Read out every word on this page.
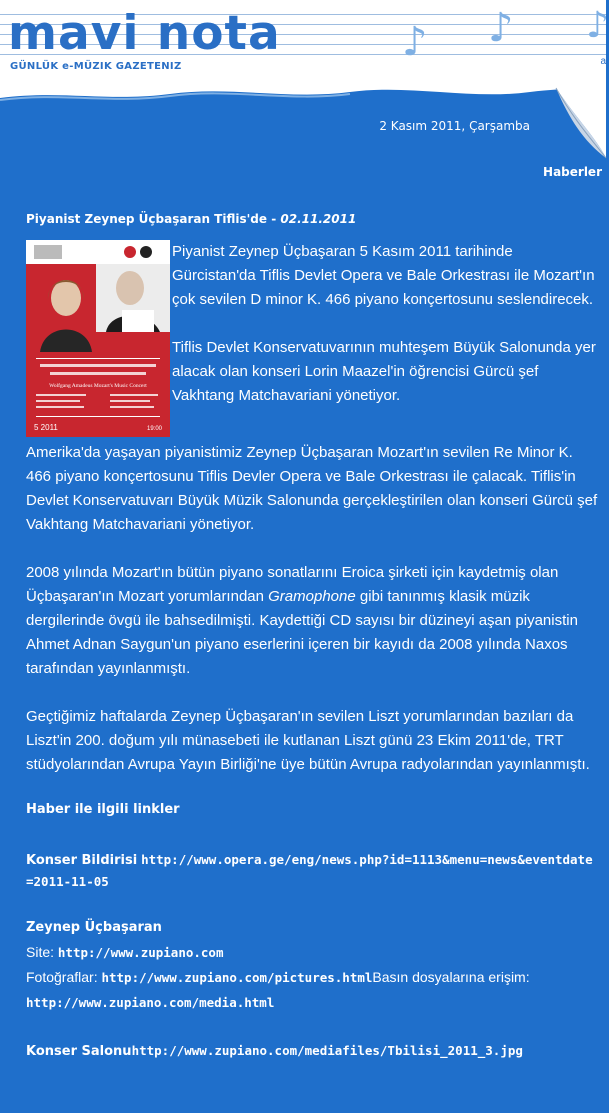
mavi nota
GÜNLÜK e-MÜZIK GAZETENIZ
♪ ♪ ♪
a
2 Kasım 2011, Çarşamba
Haberler
Piyanist Zeynep Üçbaşaran Tiflis'de - 02.11.2011
Wolfgang Amadeus Mozart's Music Concert
5 2011	19:00

Piyanist Zeynep Üçbaşaran 5 Kasım 2011 tarihinde Gürcistan'da Tiflis Devlet Opera ve Bale Orkestrası ile Mozart'ın çok sevilen D minor K. 466 piyano konçertosunu seslendirecek.

Tiflis Devlet Konservatuvarının muhteşem Büyük Salonunda yer alacak olan konseri Lorin Maazel'in öğrencisi Gürcü şef Vakhtang Matchavariani yönetiyor.

Amerika'da yaşayan piyanistimiz Zeynep Üçbaşaran Mozart'ın sevilen Re Minor K. 466 piyano konçertosunu Tiflis Devler Opera ve Bale Orkestrası ile çalacak. Tiflis'in Devlet Konservatuvarı Büyük Müzik Salonunda gerçekleştirilen olan konseri Gürcü şef Vakhtang Matchavariani yönetiyor.

2008 yılında Mozart'ın bütün piyano sonatlarını Eroica şirketi için kaydetmiş olan Üçbaşaran'ın Mozart yorumlarından Gramophone gibi tanınmış klasik müzik dergilerinde övgü ile bahsedilmişti. Kaydettiği CD sayısı bir düzineyi aşan piyanistin Ahmet Adnan Saygun'un piyano eserlerini içeren bir kayıdı da 2008 yılında Naxos tarafından yayınlanmıştı.

Geçtiğimiz haftalarda Zeynep Üçbaşaran'ın sevilen Liszt yorumlarından bazıları da Liszt'in 200. doğum yılı münasebeti ile kutlanan Liszt günü 23 Ekim 2011'de, TRT stüdyolarından Avrupa Yayın Birliği'ne üye bütün Avrupa radyolarından yayınlanmıştı.

Haber ile ilgili linkler
Konser Bildirisi http://www.opera.ge/eng/news.php?id=1113&menu=news&eventdate=2011-11-05
Zeynep Üçbaşaran
Site: http://www.zupiano.com
Fotoğraflar: http://www.zupiano.com/pictures.htmlBasın dosyalarına erişim: http://www.zupiano.com/media.html
Konser Salonuhttp://www.zupiano.com/mediafiles/Tbilisi_2011_3.jpg
